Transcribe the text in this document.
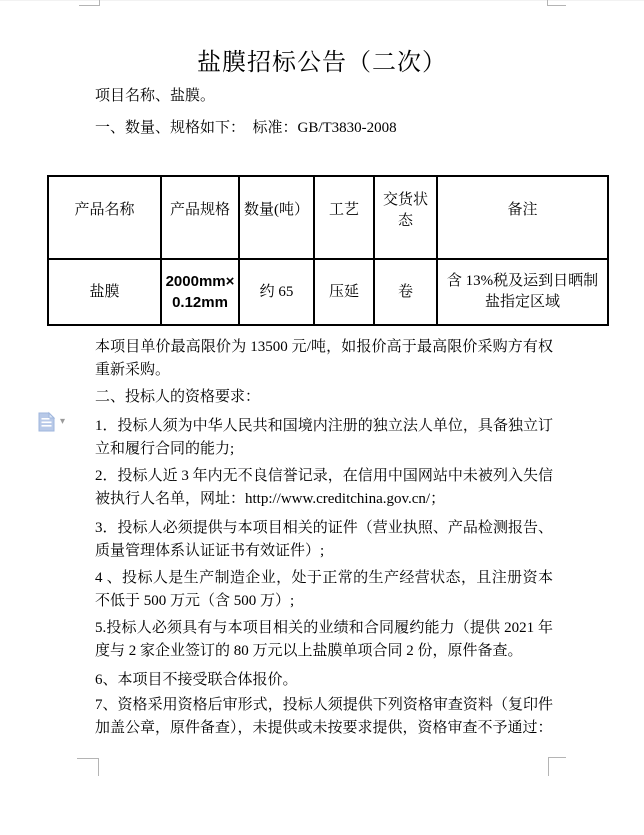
盐膜招标公告（二次）
项目名称、盐膜。
一、数量、规格如下：　标准：GB/T3830-2008
产品名称	产品规格	数量(吨）	工艺	交货状态	备注
盐膜	2000mm×0.12mm	约 65	压延	卷	含 13%税及运到日晒制盐指定区域
本项目单价最高限价为 13500 元/吨，如报价高于最高限价采购方有权重新采购。
二、投标人的资格要求：
1．投标人须为中华人民共和国境内注册的独立法人单位，具备独立订立和履行合同的能力;
2．投标人近 3 年内无不良信誉记录，在信用中国网站中未被列入失信被执行人名单，网址：http://www.creditchina.gov.cn/；
3．投标人必须提供与本项目相关的证件（营业执照、产品检测报告、质量管理体系认证证书有效证件）;
4 、投标人是生产制造企业，处于正常的生产经营状态，且注册资本不低于 500 万元（含 500 万）;
5.投标人必须具有与本项目相关的业绩和合同履约能力（提供 2021 年度与 2 家企业签订的 80 万元以上盐膜单项合同 2 份，原件备查。
6、本项目不接受联合体报价。
7、资格采用资格后审形式，投标人须提供下列资格审查资料（复印件加盖公章，原件备查），未提供或未按要求提供，资格审查不予通过：
▾
